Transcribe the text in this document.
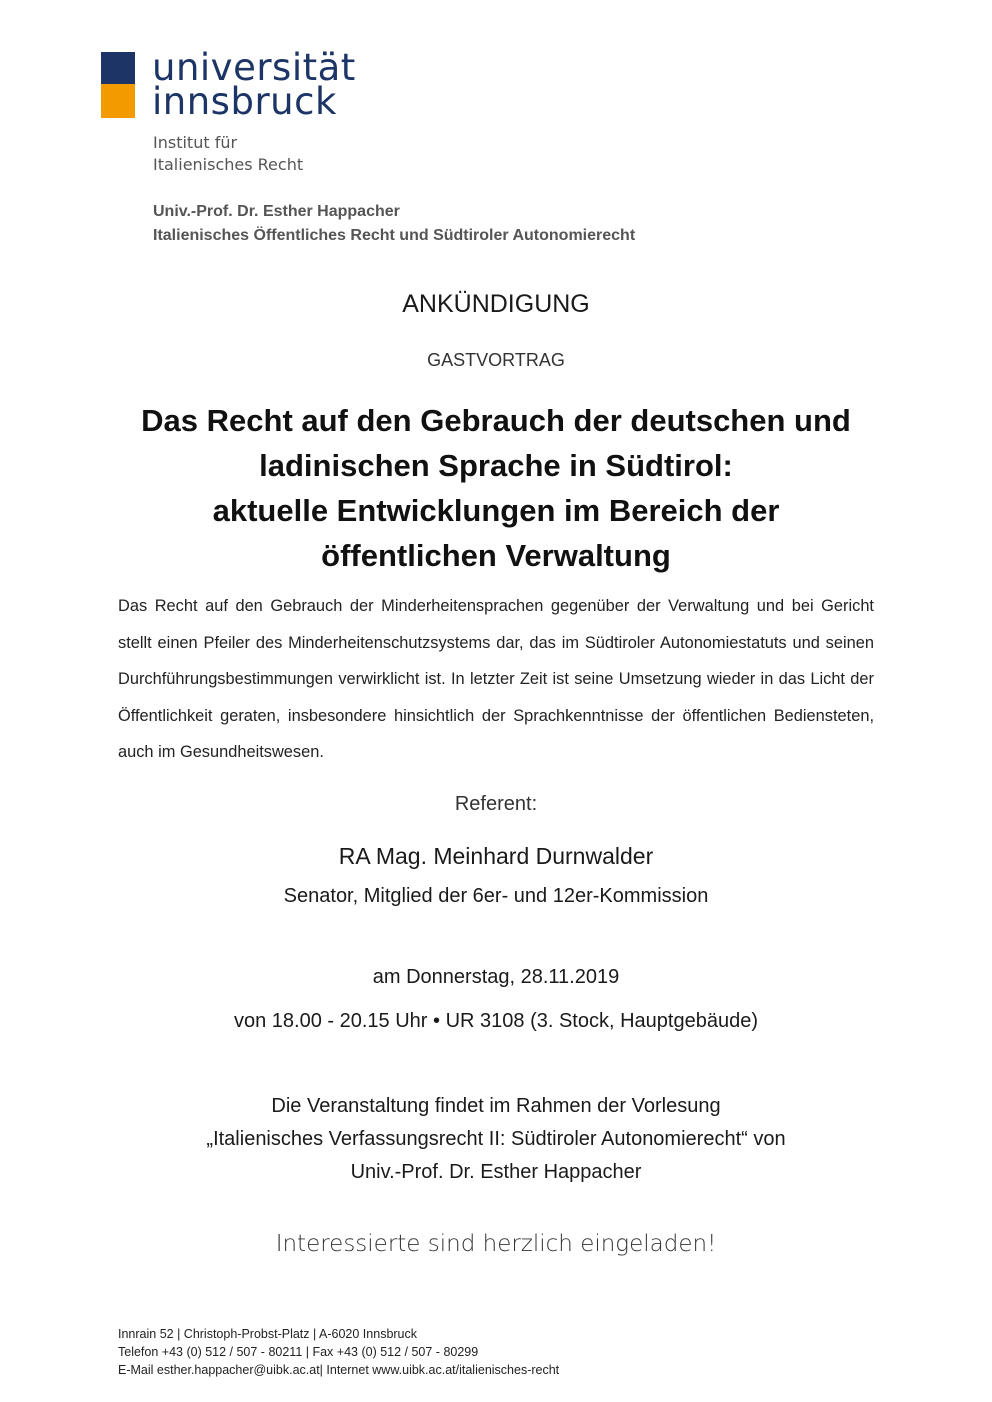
universität
innsbruck
Institut für
Italienisches Recht
Univ.-Prof. Dr. Esther Happacher
Italienisches Öffentliches Recht und Südtiroler Autonomierecht
ANKÜNDIGUNG
GASTVORTRAG
Das Recht auf den Gebrauch der deutschen und
ladinischen Sprache in Südtirol:
aktuelle Entwicklungen im Bereich der
öffentlichen Verwaltung

Das Recht auf den Gebrauch der Minderheitensprachen gegenüber der Verwaltung und bei Gericht stellt einen Pfeiler des Minderheitenschutzsystems dar, das im Südtiroler Autonomiestatuts und seinen Durchführungsbestimmungen verwirklicht ist. In letzter Zeit ist seine Umsetzung wieder in das Licht der Öffentlichkeit geraten, insbesondere hinsichtlich der Sprachkenntnisse der öffentlichen Bediensteten, auch im Gesundheitswesen.

Referent:
RA Mag. Meinhard Durnwalder
Senator, Mitglied der 6er- und 12er-Kommission
am Donnerstag, 28.11.2019
von 18.00 - 20.15 Uhr • UR 3108 (3. Stock, Hauptgebäude)
Die Veranstaltung findet im Rahmen der Vorlesung
„Italienisches Verfassungsrecht II: Südtiroler Autonomierecht“ von
Univ.-Prof. Dr. Esther Happacher
Interessierte sind herzlich eingeladen!
Innrain 52 | Christoph-Probst-Platz | A-6020 Innsbruck
Telefon +43 (0) 512 / 507 - 80211 | Fax +43 (0) 512 / 507 - 80299
E-Mail esther.happacher@uibk.ac.at| Internet www.uibk.ac.at/italienisches-recht
